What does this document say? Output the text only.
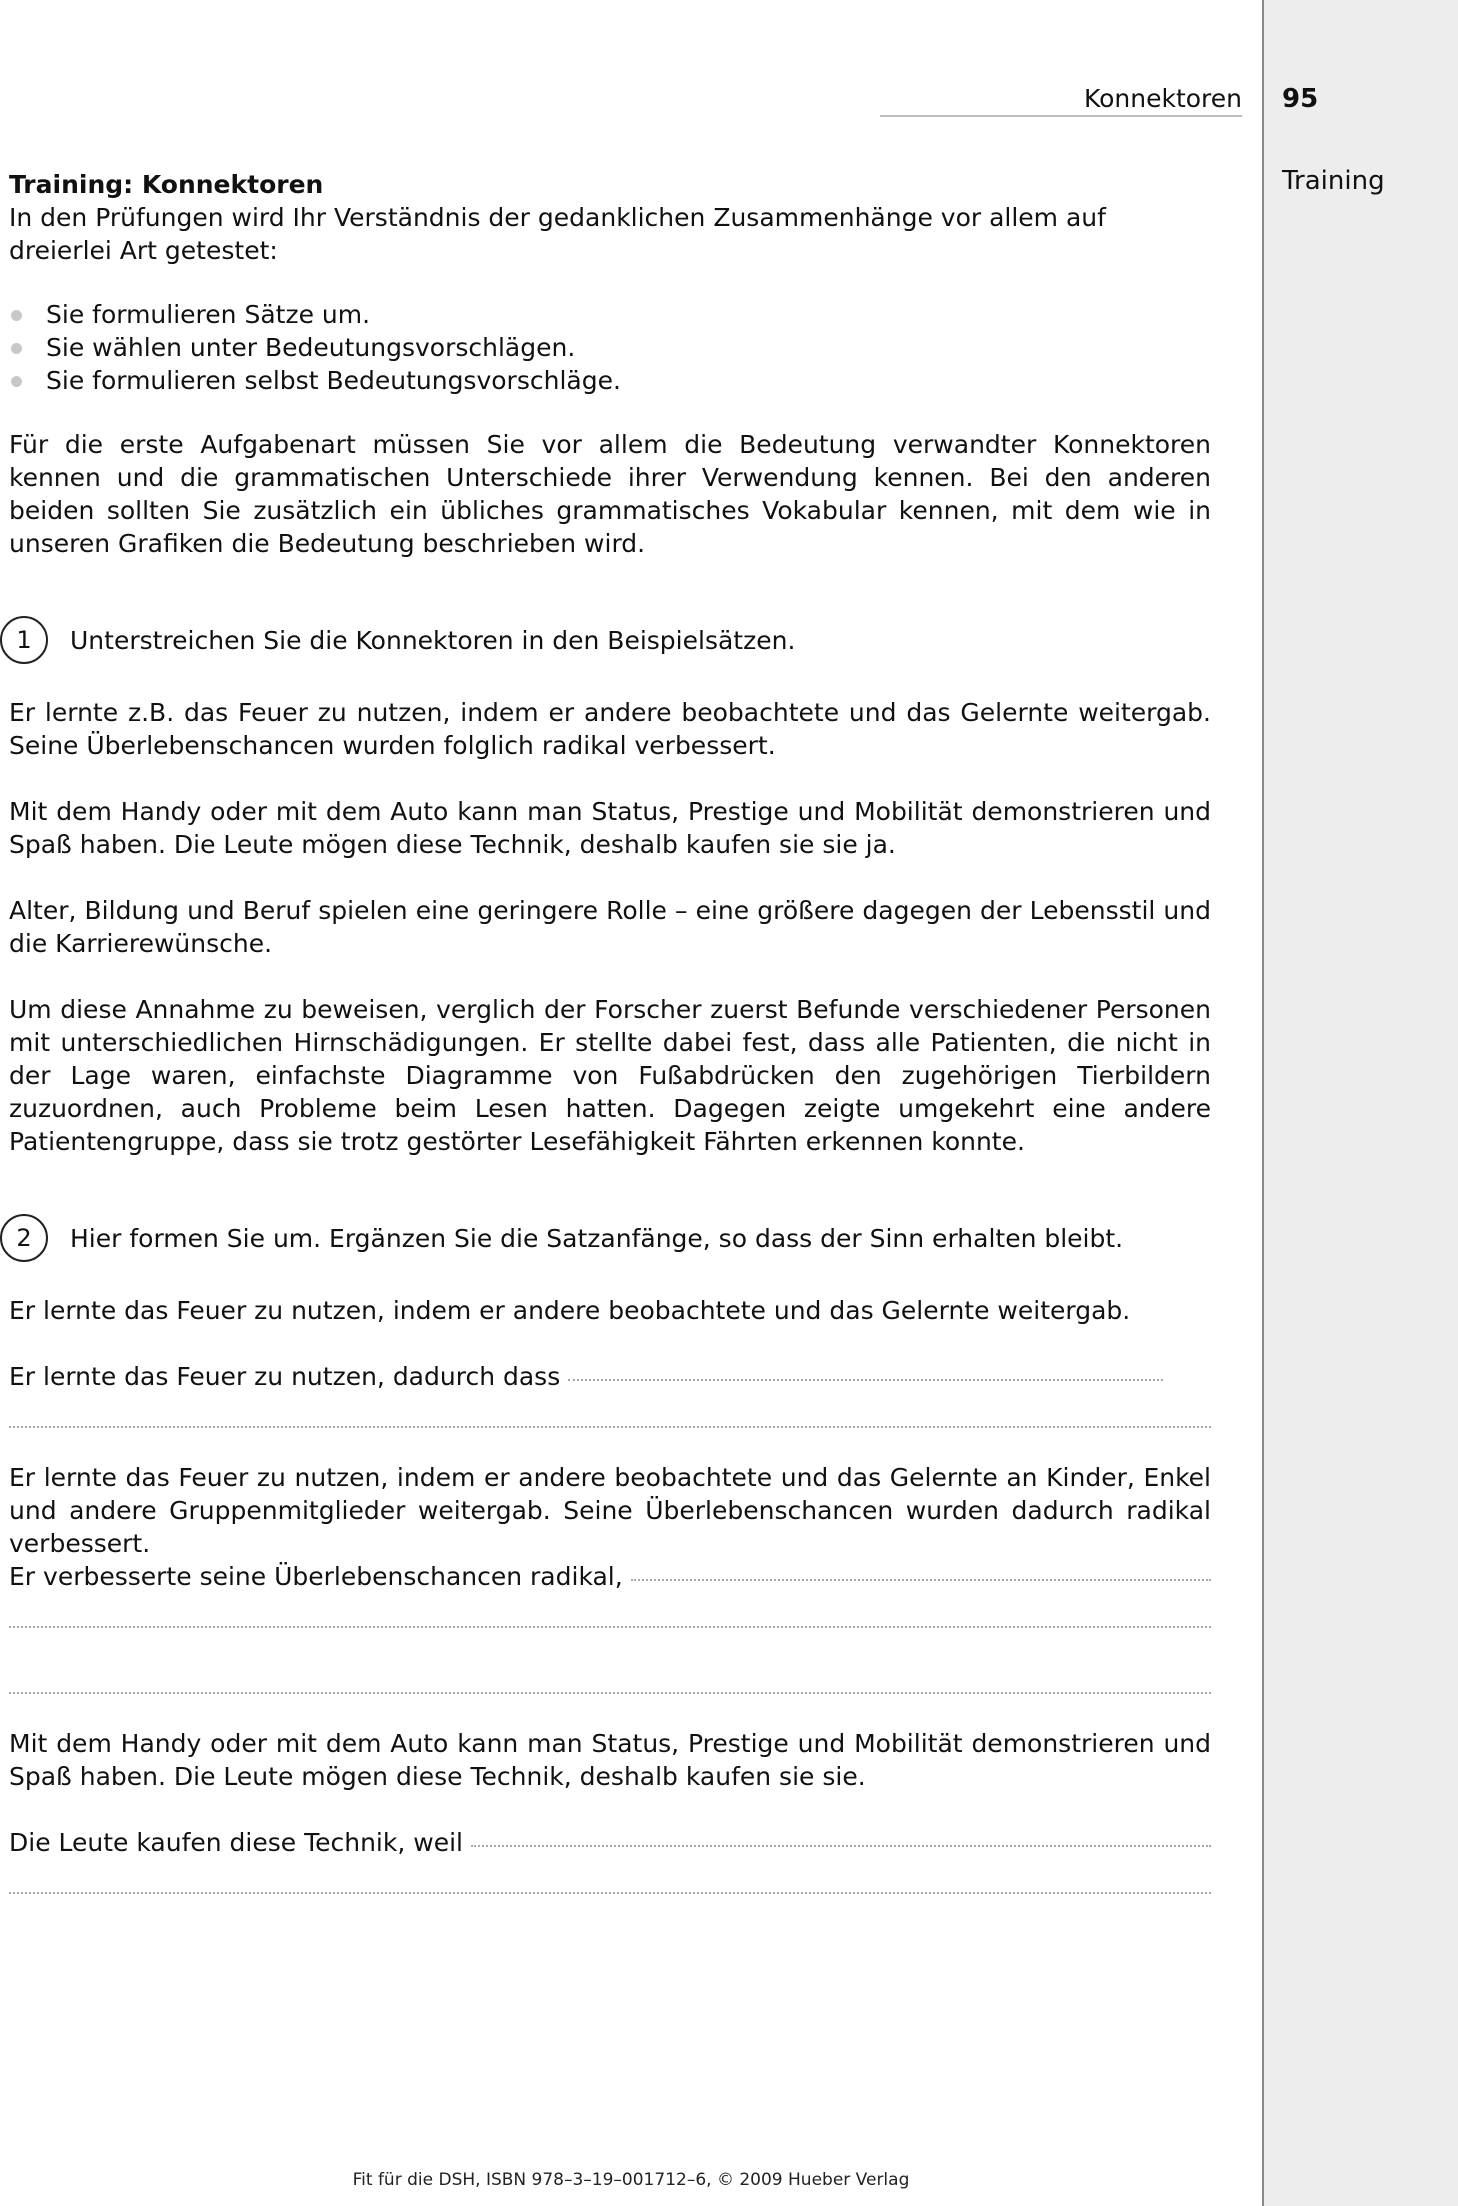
95
Training
Konnektoren

Training: Konnektoren

In den Prüfungen wird Ihr Verständnis der gedanklichen Zusammenhänge vor allem auf dreierlei Art getestet:

Sie formulieren Sätze um.
Sie wählen unter Bedeutungsvorschlägen.
Sie formulieren selbst Bedeutungsvorschläge.

Für die erste Aufgabenart müssen Sie vor allem die Bedeutung verwandter Konnektoren kennen und die grammatischen Unterschiede ihrer Verwendung kennen. Bei den anderen beiden sollten Sie zusätzlich ein übliches grammatisches Vokabular kennen, mit dem wie in unseren Grafiken die Bedeutung beschrieben wird.

1	Unterstreichen Sie die Konnektoren in den Beispielsätzen.

Er lernte z.B. das Feuer zu nutzen, indem er andere beobachtete und das Gelernte weitergab. Seine Überlebenschancen wurden folglich radikal verbessert.

Mit dem Handy oder mit dem Auto kann man Status, Prestige und Mobilität demonstrieren und Spaß haben. Die Leute mögen diese Technik, deshalb kaufen sie sie ja.

Alter, Bildung und Beruf spielen eine geringere Rolle – eine größere dagegen der Lebensstil und die Karrierewünsche.

Um diese Annahme zu beweisen, verglich der Forscher zuerst Befunde verschiedener Personen mit unterschiedlichen Hirnschädigungen. Er stellte dabei fest, dass alle Patienten, die nicht in der Lage waren, einfachste Diagramme von Fußabdrücken den zugehörigen Tierbildern zuzuordnen, auch Probleme beim Lesen hatten. Dagegen zeigte umgekehrt eine andere Patientengruppe, dass sie trotz gestörter Lesefähigkeit Fährten erkennen konnte.

2	Hier formen Sie um. Ergänzen Sie die Satzanfänge, so dass der Sinn erhalten bleibt.

Er lernte das Feuer zu nutzen, indem er andere beobachtete und das Gelernte weitergab.

Er lernte das Feuer zu nutzen, dadurch dass

Er lernte das Feuer zu nutzen, indem er andere beobachtete und das Gelernte an Kinder, Enkel und andere Gruppenmitglieder weitergab. Seine Überlebenschancen wurden dadurch radikal verbessert.

Er verbesserte seine Überlebenschancen radikal,

Mit dem Handy oder mit dem Auto kann man Status, Prestige und Mobilität demonstrieren und Spaß haben. Die Leute mögen diese Technik, deshalb kaufen sie sie.

Die Leute kaufen diese Technik, weil
Fit für die DSH, ISBN 978–3–19–001712–6, © 2009 Hueber Verlag
